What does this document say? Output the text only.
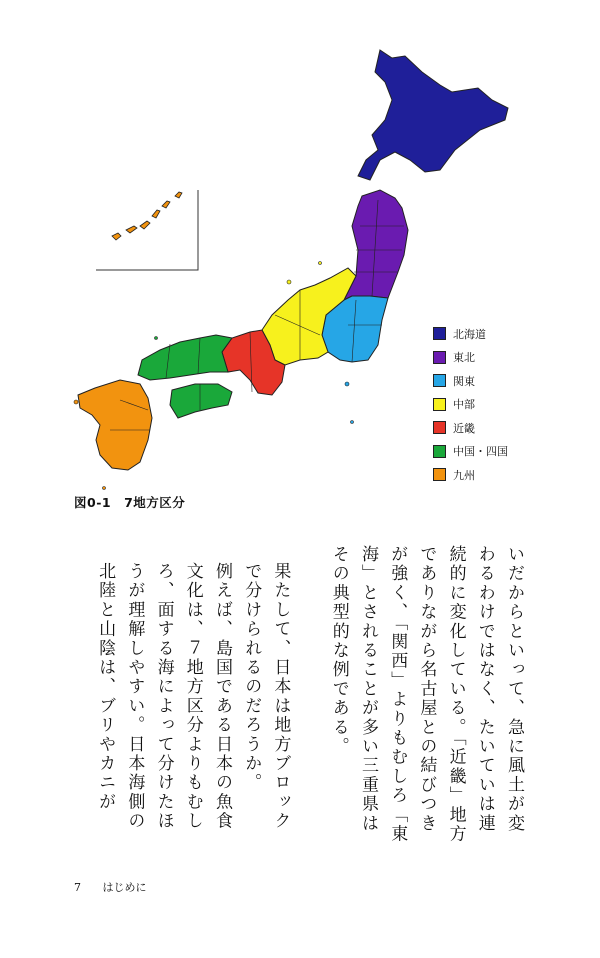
北海道
東北
関東
中部
近畿
中国・四国
九州
図0-1　7地方区分

いだからといって、急に風土が変わるわけではなく、たいていは連続的に変化している。「近畿」地方でありながら名古屋との結びつきが強く、「関西」よりもむしろ「東海」とされることが多い三重県はその典型的な例である。

果たして、日本は地方ブロックで分けられるのだろうか。

例えば、島国である日本の魚食文化は、７地方区分よりもむしろ、面する海によって分けたほうが理解しやすい。日本海側の北陸と山陰は、ブリやカニが

7 はじめに
